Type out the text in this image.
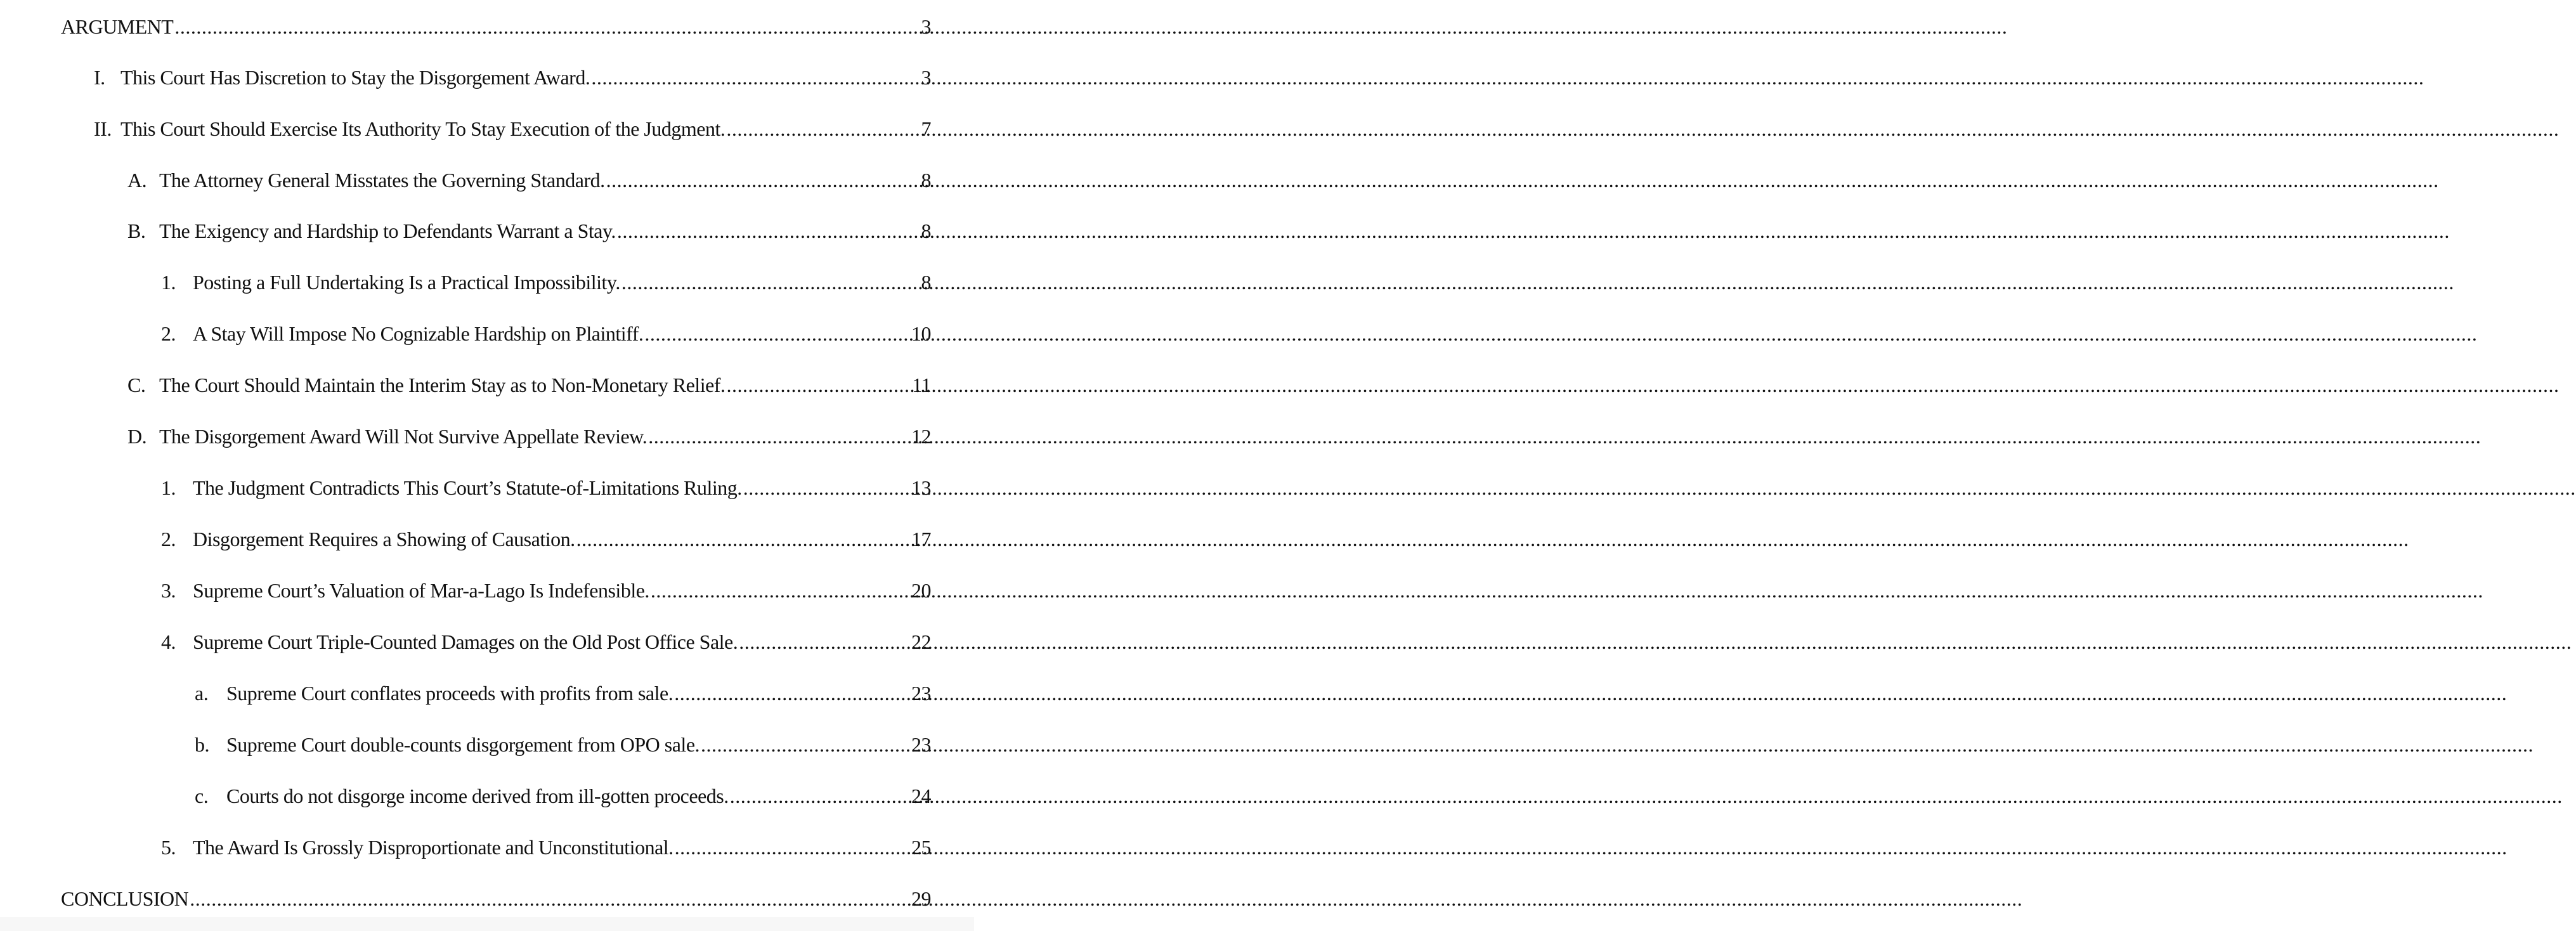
ARGUMENT .....	3
I. This Court Has Discretion to Stay the Disgorgement Award. .....	3
II. This Court Should Exercise Its Authority To Stay Execution of the Judgment. .....	7
A. The Attorney General Misstates the Governing Standard. .....	8
B. The Exigency and Hardship to Defendants Warrant a Stay. .....	8
1. Posting a Full Undertaking Is a Practical Impossibility. .....	8
2. A Stay Will Impose No Cognizable Hardship on Plaintiff. .....	10
C. The Court Should Maintain the Interim Stay as to Non-Monetary Relief. .....	11
D. The Disgorgement Award Will Not Survive Appellate Review. .....	12
1. The Judgment Contradicts This Court’s Statute-of-Limitations Ruling. .....	13
2. Disgorgement Requires a Showing of Causation. .....	17
3. Supreme Court’s Valuation of Mar-a-Lago Is Indefensible. .....	20
4. Supreme Court Triple-Counted Damages on the Old Post Office Sale. .....	22
a. Supreme Court conflates proceeds with profits from sale. .....	23
b. Supreme Court double-counts disgorgement from OPO sale. .....	23
c. Courts do not disgorge income derived from ill-gotten proceeds. .....	24
5. The Award Is Grossly Disproportionate and Unconstitutional. .....	25
CONCLUSION .....	29
